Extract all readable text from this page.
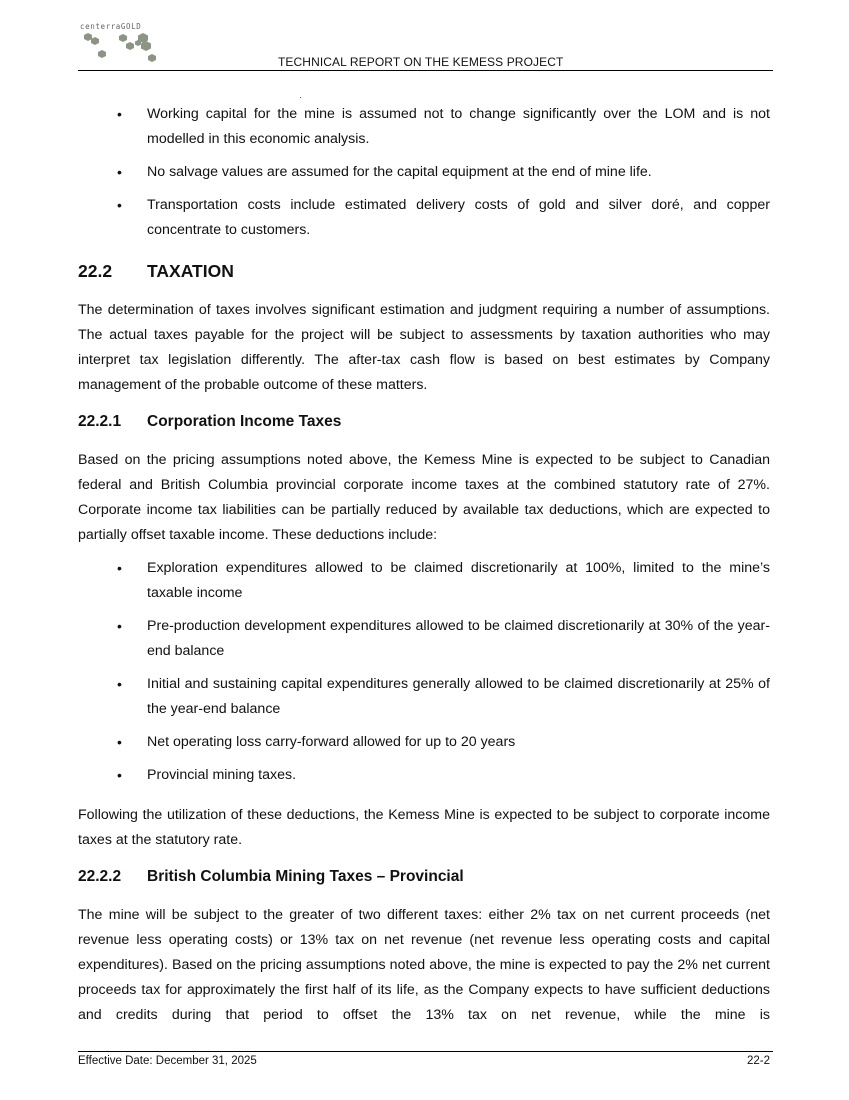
centerraGOLD
TECHNICAL REPORT ON THE KEMESS PROJECT
• Working capital for the mine is assumed not to change significantly over the LOM and is not modelled in this economic analysis.
• No salvage values are assumed for the capital equipment at the end of mine life.
• Transportation costs include estimated delivery costs of gold and silver doré, and copper concentrate to customers.
22.2 TAXATION

The determination of taxes involves significant estimation and judgment requiring a number of assumptions. The actual taxes payable for the project will be subject to assessments by taxation authorities who may interpret tax legislation differently. The after-tax cash flow is based on best estimates by Company management of the probable outcome of these matters.

22.2.1 Corporation Income Taxes

Based on the pricing assumptions noted above, the Kemess Mine is expected to be subject to Canadian federal and British Columbia provincial corporate income taxes at the combined statutory rate of 27%. Corporate income tax liabilities can be partially reduced by available tax deductions, which are expected to partially offset taxable income. These deductions include:

• Exploration expenditures allowed to be claimed discretionarily at 100%, limited to the mine’s taxable income
• Pre-production development expenditures allowed to be claimed discretionarily at 30% of the year-end balance
• Initial and sustaining capital expenditures generally allowed to be claimed discretionarily at 25% of the year-end balance
• Net operating loss carry-forward allowed for up to 20 years
• Provincial mining taxes.

Following the utilization of these deductions, the Kemess Mine is expected to be subject to corporate income taxes at the statutory rate.

22.2.2 British Columbia Mining Taxes – Provincial

The mine will be subject to the greater of two different taxes: either 2% tax on net current proceeds (net revenue less operating costs) or 13% tax on net revenue (net revenue less operating costs and capital expenditures). Based on the pricing assumptions noted above, the mine is expected to pay the 2% net current proceeds tax for approximately the first half of its life, as the Company expects to have sufficient deductions and credits during that period to offset the 13% tax on net revenue, while the mine is

Effective Date: December 31, 2025	22-2
